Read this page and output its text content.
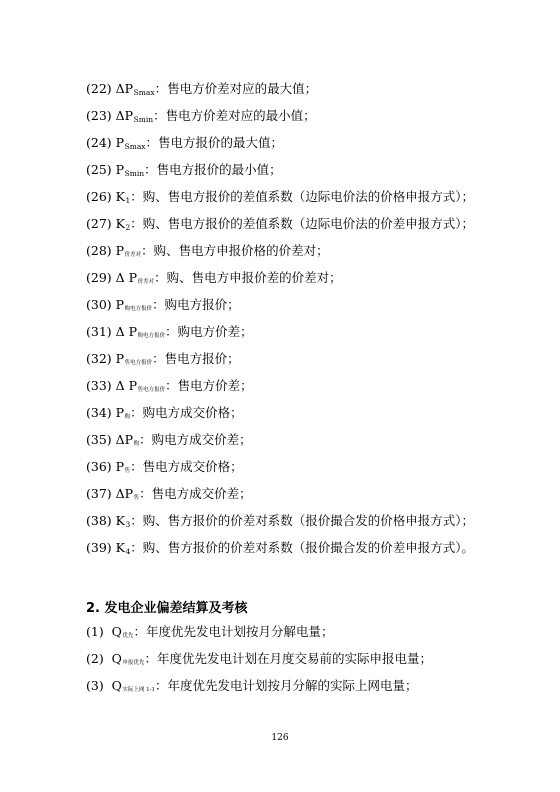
(22) $\Delta P_{Smax}$：售电方价差对应的最大值；
(23) $\Delta P_{Smin}$：售电方价差对应的最小值；
(24) $P_{Smax}$：售电方报价的最大值；
(25) $P_{Smin}$：售电方报价的最小值；
(26) $K_1$：购、售电方报价的差值系数（边际电价法的价格申报方式）；
(27) $K_2$：购、售电方报价的差值系数（边际电价法的价差申报方式）；
(28) $P_{价差对}$：购、售电方申报价格的价差对；
(29) Δ $P_{价差对}$：购、售电方申报价差的价差对；
(30) $P_{购电方报价}$：购电方报价；
(31) Δ $P_{购电方报价}$：购电方价差；
(32) $P_{售电方报价}$：售电方报价；
(33) Δ $P_{售电方报价}$：售电方价差；
(34) $P_购$：购电方成交价格；
(35) $\Delta P_购$：购电方成交价差；
(36) $P_售$：售电方成交价格；
(37) $\Delta P_售$：售电方成交价差；
(38) $K_3$：购、售方报价的价差对系数（报价撮合发的价格申报方式）；
(39) $K_4$：购、售方报价的价差对系数（报价撮合发的价差申报方式）。
2. 发电企业偏差结算及考核
(1) $Q_{优先}$：年度优先发电计划按月分解电量；
(2) $Q_{申报优先}$：年度优先发电计划在月度交易前的实际申报电量；
(3) $Q_{实际上网 1-1}$：年度优先发电计划按月分解的实际上网电量；
126
